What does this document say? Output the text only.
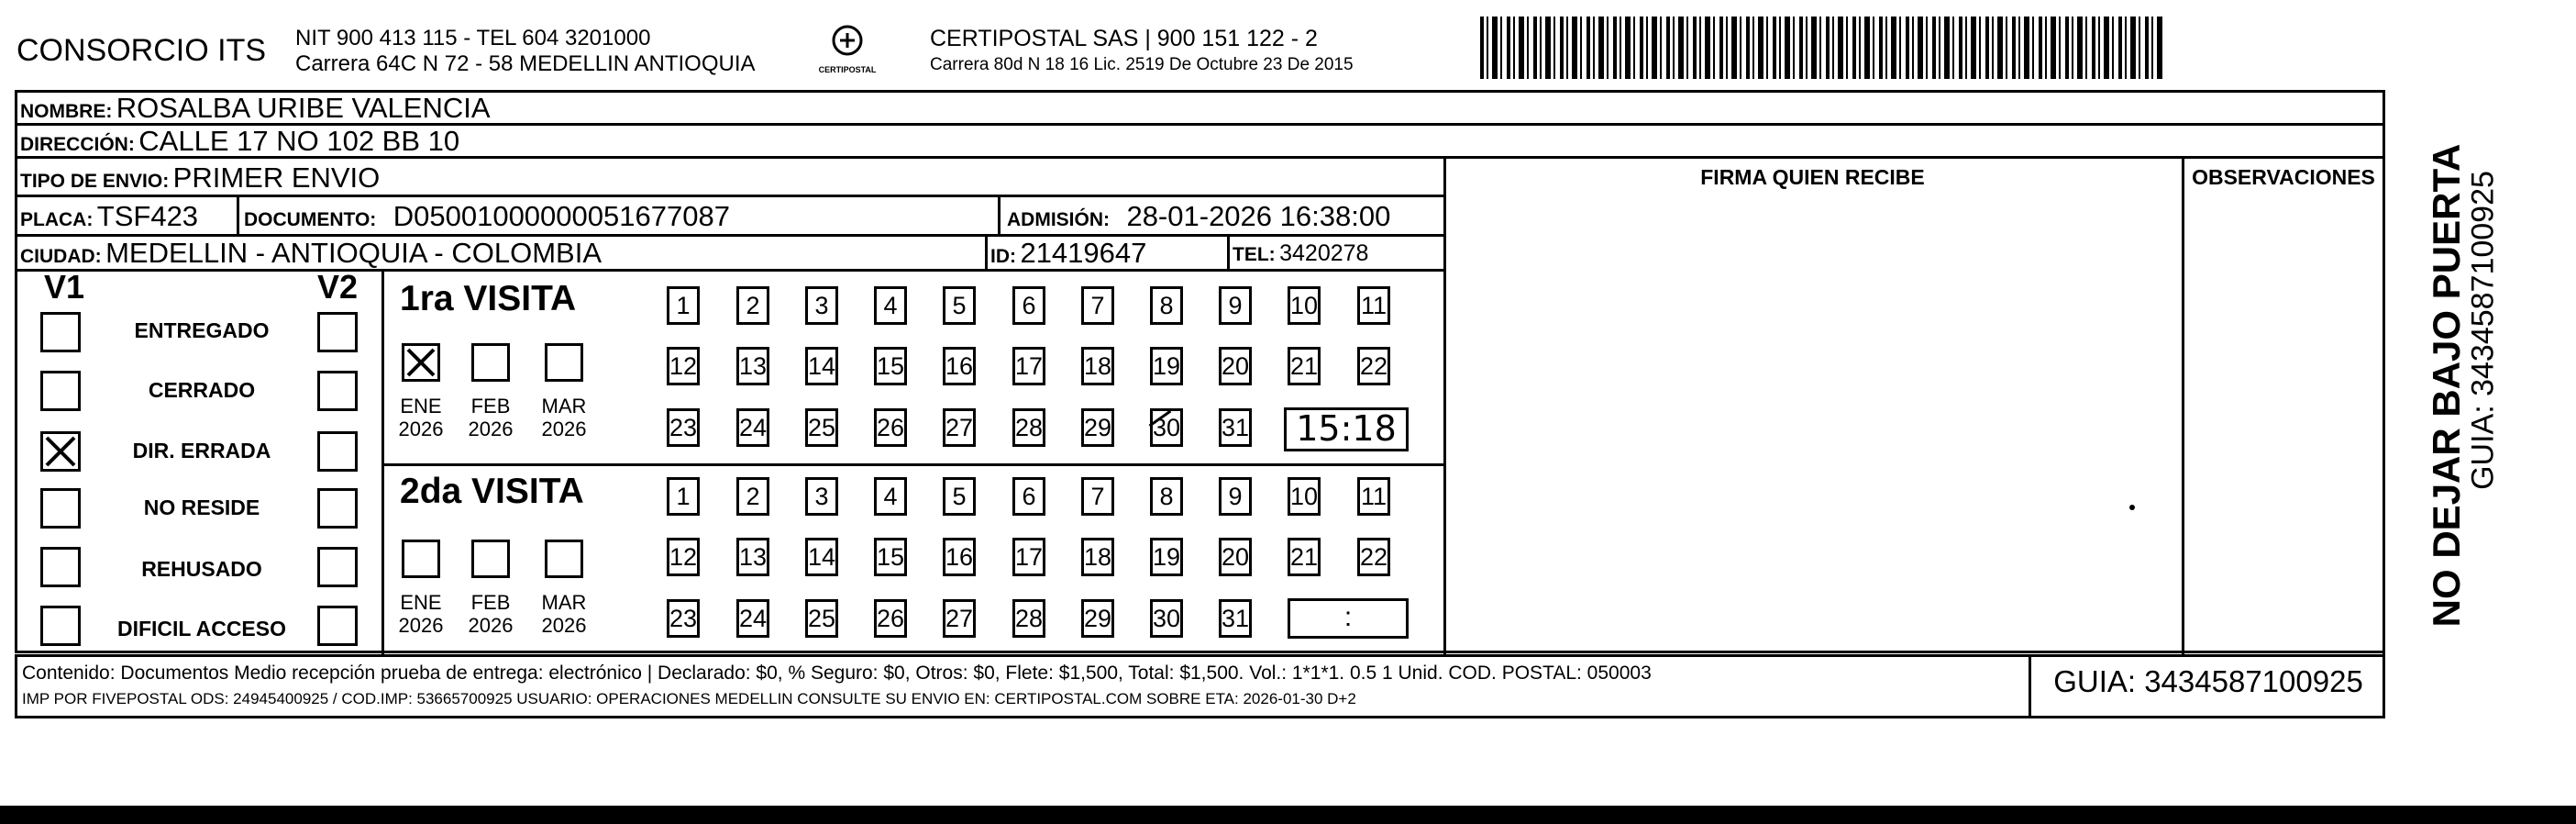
CONSORCIO ITS NIT 900 413 115 - TEL 604 3201000
Carrera 64C N 72 - 58 MEDELLIN ANTIOQUIA	CERTIPOSTAL
CERTIPOSTAL SAS | 900 151 122 - 2
Carrera 80d N 18 16 Lic. 2519 De Octubre 23 De 2015
NOMBRE: ROSALBA URIBE VALENCIA
DIRECCIÓN: CALLE 17 NO 102 BB 10
TIPO DE ENVIO: PRIMER ENVIO	FIRMA QUIEN RECIBE	OBSERVACIONES
PLACA: TSF423 DOCUMENTO: D05001000000051677087	ADMISIÓN: 28-01-2026 16:38:00
CIUDAD: MEDELLIN - ANTIOQUIA - COLOMBIA	ID: 21419647	TEL: 3420278
V1	V2
ENTREGADO
CERRADO
DIR. ERRADA
NO RESIDE
REHUSADO
DIFICIL ACCESO
1ra VISITA
ENE
2026
FEB
2026
MAR
2026
1	2	3	4	5	6	7	8	9	10 11
12 13 14 15 16 17 18 19 20 21 22
23 24 25 26 27 28 29 30 31	15:18
2da VISITA
ENE
2026
FEB
2026
MAR
2026
1	2	3	4	5	6	7	8	9	10 11
12 13 14 15 16 17 18 19 20 21 22
23 24 25 26 27 28 29 30 31	:
Contenido: Documentos Medio recepción prueba de entrega: electrónico | Declarado: $0, % Seguro: $0, Otros: $0, Flete: $1,500, Total: $1,500. Vol.: 1*1*1. 0.5 1 Unid. COD. POSTAL: 050003
IMP POR FIVEPOSTAL ODS: 24945400925 / COD.IMP: 53665700925 USUARIO: OPERACIONES MEDELLIN CONSULTE SU ENVIO EN: CERTIPOSTAL.COM SOBRE ETA: 2026-01-30 D+2
GUIA: 3434587100925
NO DEJAR BAJO PUERTA
GUIA: 3434587100925
